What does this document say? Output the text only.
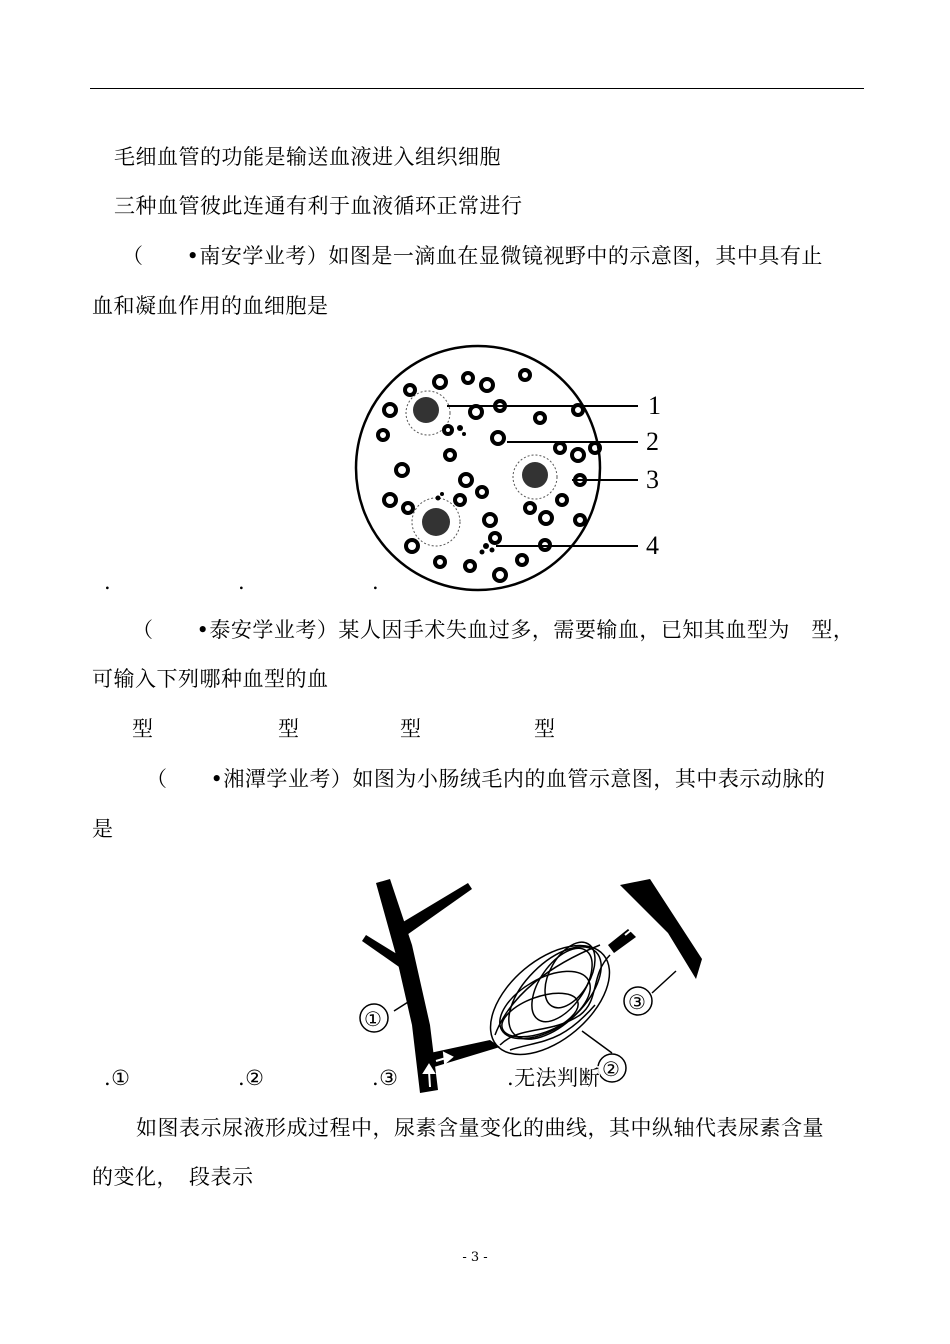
毛细血管的功能是输送血液进入组织细胞
三种血管彼此连通有利于血液循环正常进行
（　　•南安学业考）如图是一滴血在显微镜视野中的示意图，其中具有止
血和凝血作用的血细胞是
1
2
3
4
.	.	.
（　　•泰安学业考）某人因手术失血过多，需要输血，已知其血型为　型，
可输入下列哪种血型的血
型	型	型	型
（　　•湘潭学业考）如图为小肠绒毛内的血管示意图，其中表示动脉的
是
①
②
③
.①	.②	.③	.无法判断
如图表示尿液形成过程中，尿素含量变化的曲线，其中纵轴代表尿素含量
的变化，　段表示
- 3 -
